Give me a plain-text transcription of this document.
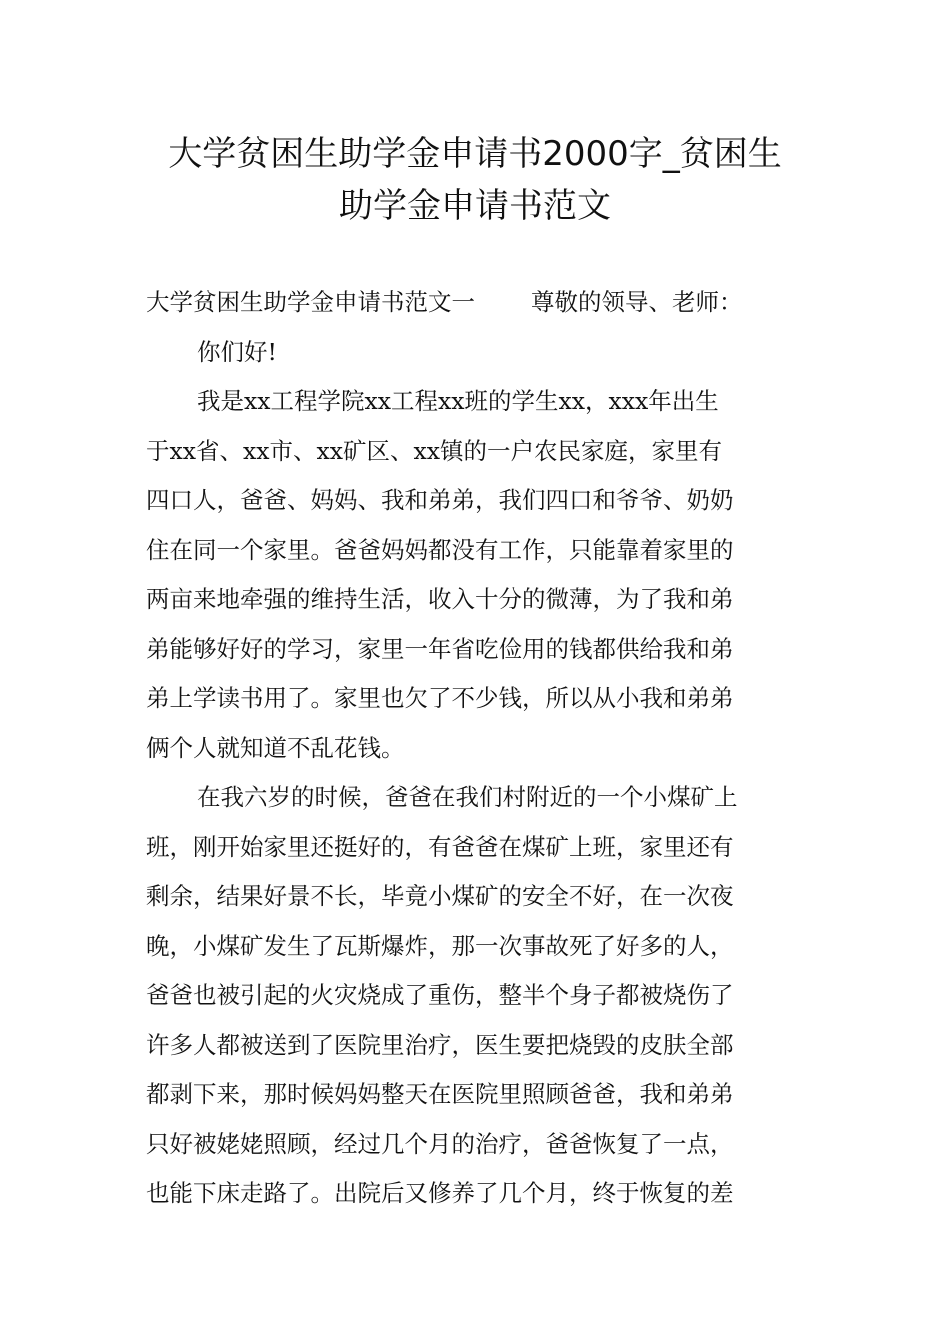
大学贫困生助学金申请书2000字_贫困生
助学金申请书范文
大学贫困生助学金申请书范文一 尊敬的领导、老师：
你们好!
我是xx工程学院xx工程xx班的学生xx，xxx年出生
于xx省、xx市、xx矿区、xx镇的一户农民家庭，家里有
四口人，爸爸、妈妈、我和弟弟，我们四口和爷爷、奶奶
住在同一个家里。爸爸妈妈都没有工作，只能靠着家里的
两亩来地牵强的维持生活，收入十分的微薄，为了我和弟
弟能够好好的学习，家里一年省吃俭用的钱都供给我和弟
弟上学读书用了。家里也欠了不少钱，所以从小我和弟弟
俩个人就知道不乱花钱。
在我六岁的时候，爸爸在我们村附近的一个小煤矿上
班，刚开始家里还挺好的，有爸爸在煤矿上班，家里还有
剩余，结果好景不长，毕竟小煤矿的安全不好，在一次夜
晚，小煤矿发生了瓦斯爆炸，那一次事故死了好多的人，
爸爸也被引起的火灾烧成了重伤，整半个身子都被烧伤了
许多人都被送到了医院里治疗，医生要把烧毁的皮肤全部
都剥下来，那时候妈妈整天在医院里照顾爸爸，我和弟弟
只好被姥姥照顾，经过几个月的治疗，爸爸恢复了一点，
也能下床走路了。出院后又修养了几个月，终于恢复的差
